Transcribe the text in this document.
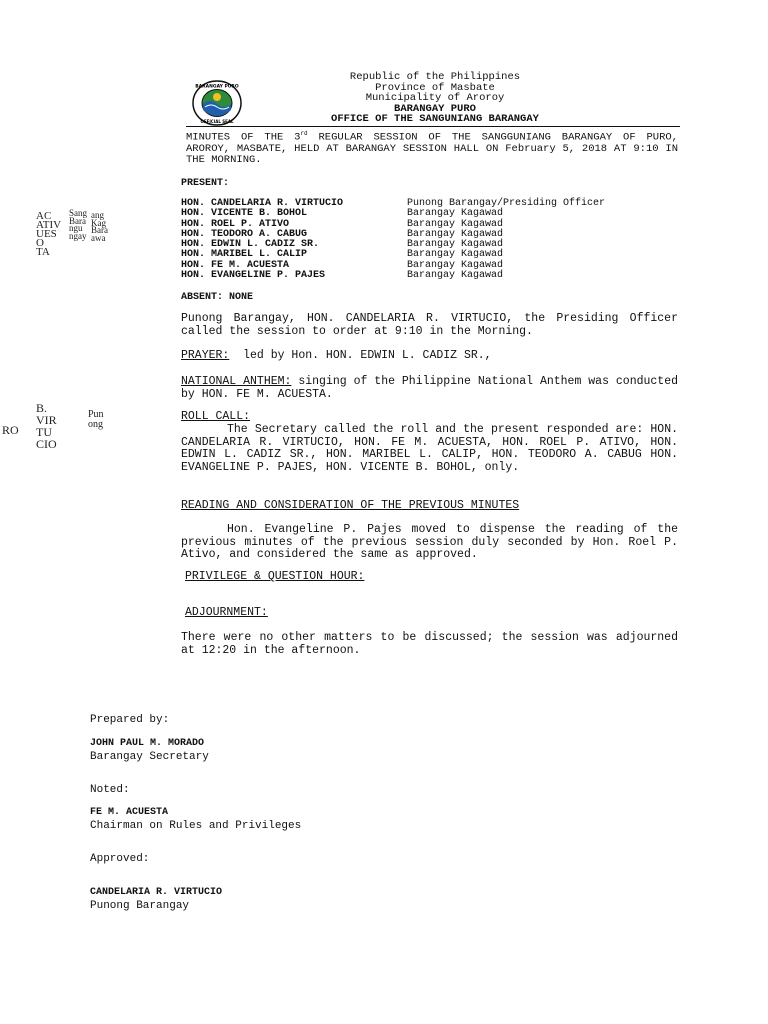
BARANGAY PURO
OFFICIAL SEAL
Republic of the Philippines
Province of Masbate
Municipality of Aroroy
BARANGAY PURO
OFFICE OF THE SANGUNIANG BARANGAY
MINUTES OF THE 3rd REGULAR SESSION OF THE SANGGUNIANG BARANGAY OF PURO, AROROY, MASBATE, HELD AT BARANGAY SESSION HALL ON February 5, 2018 AT 9:10 IN THE MORNING.
PRESENT:
HON. CANDELARIA R. VIRTUCIO	Punong Barangay/Presiding Officer
HON. VICENTE B. BOHOL	Barangay Kagawad
HON. ROEL P. ATIVO	Barangay Kagawad
HON. TEODORO A. CABUG	Barangay Kagawad
HON. EDWIN L. CADIZ SR.	Barangay Kagawad
HON. MARIBEL L. CALIP	Barangay Kagawad
HON. FE M. ACUESTA	Barangay Kagawad
HON. EVANGELINE P. PAJES	Barangay Kagawad
ABSENT: NONE
Punong Barangay, HON. CANDELARIA R. VIRTUCIO, the Presiding Officer called the session to order at 9:10 in the Morning.
PRAYER:  led by Hon. HON. EDWIN L. CADIZ SR.,
NATIONAL ANTHEM: singing of the Philippine National Anthem was conducted by HON. FE M. ACUESTA.
ROLL CALL:
The Secretary called the roll and the present responded are: HON. CANDELARIA R. VIRTUCIO, HON. FE M. ACUESTA, HON. ROEL P. ATIVO, HON. EDWIN L. CADIZ SR., HON. MARIBEL L. CALIP, HON. TEODORO A. CABUG HON. EVANGELINE P. PAJES, HON. VICENTE B. BOHOL, only.
READING AND CONSIDERATION OF THE PREVIOUS MINUTES
Hon. Evangeline P. Pajes moved to dispense the reading of the previous minutes of the previous session duly seconded by Hon. Roel P. Ativo, and considered the same as approved.
PRIVILEGE & QUESTION HOUR:
ADJOURNMENT:
There were no other matters to be discussed; the session was adjourned at 12:20 in the afternoon.
Prepared by:
JOHN PAUL M. MORADO
Barangay Secretary
Noted:
FE M. ACUESTA
Chairman on Rules and Privileges
Approved:
CANDELARIA R. VIRTUCIO
Punong Barangay
AC
ATIV
UES
O
TA
Sang
Bara
ngu
ngay
ang
Kag
Bara
awa
RO
B.
VIR
TU
CIO
Pun
ong
